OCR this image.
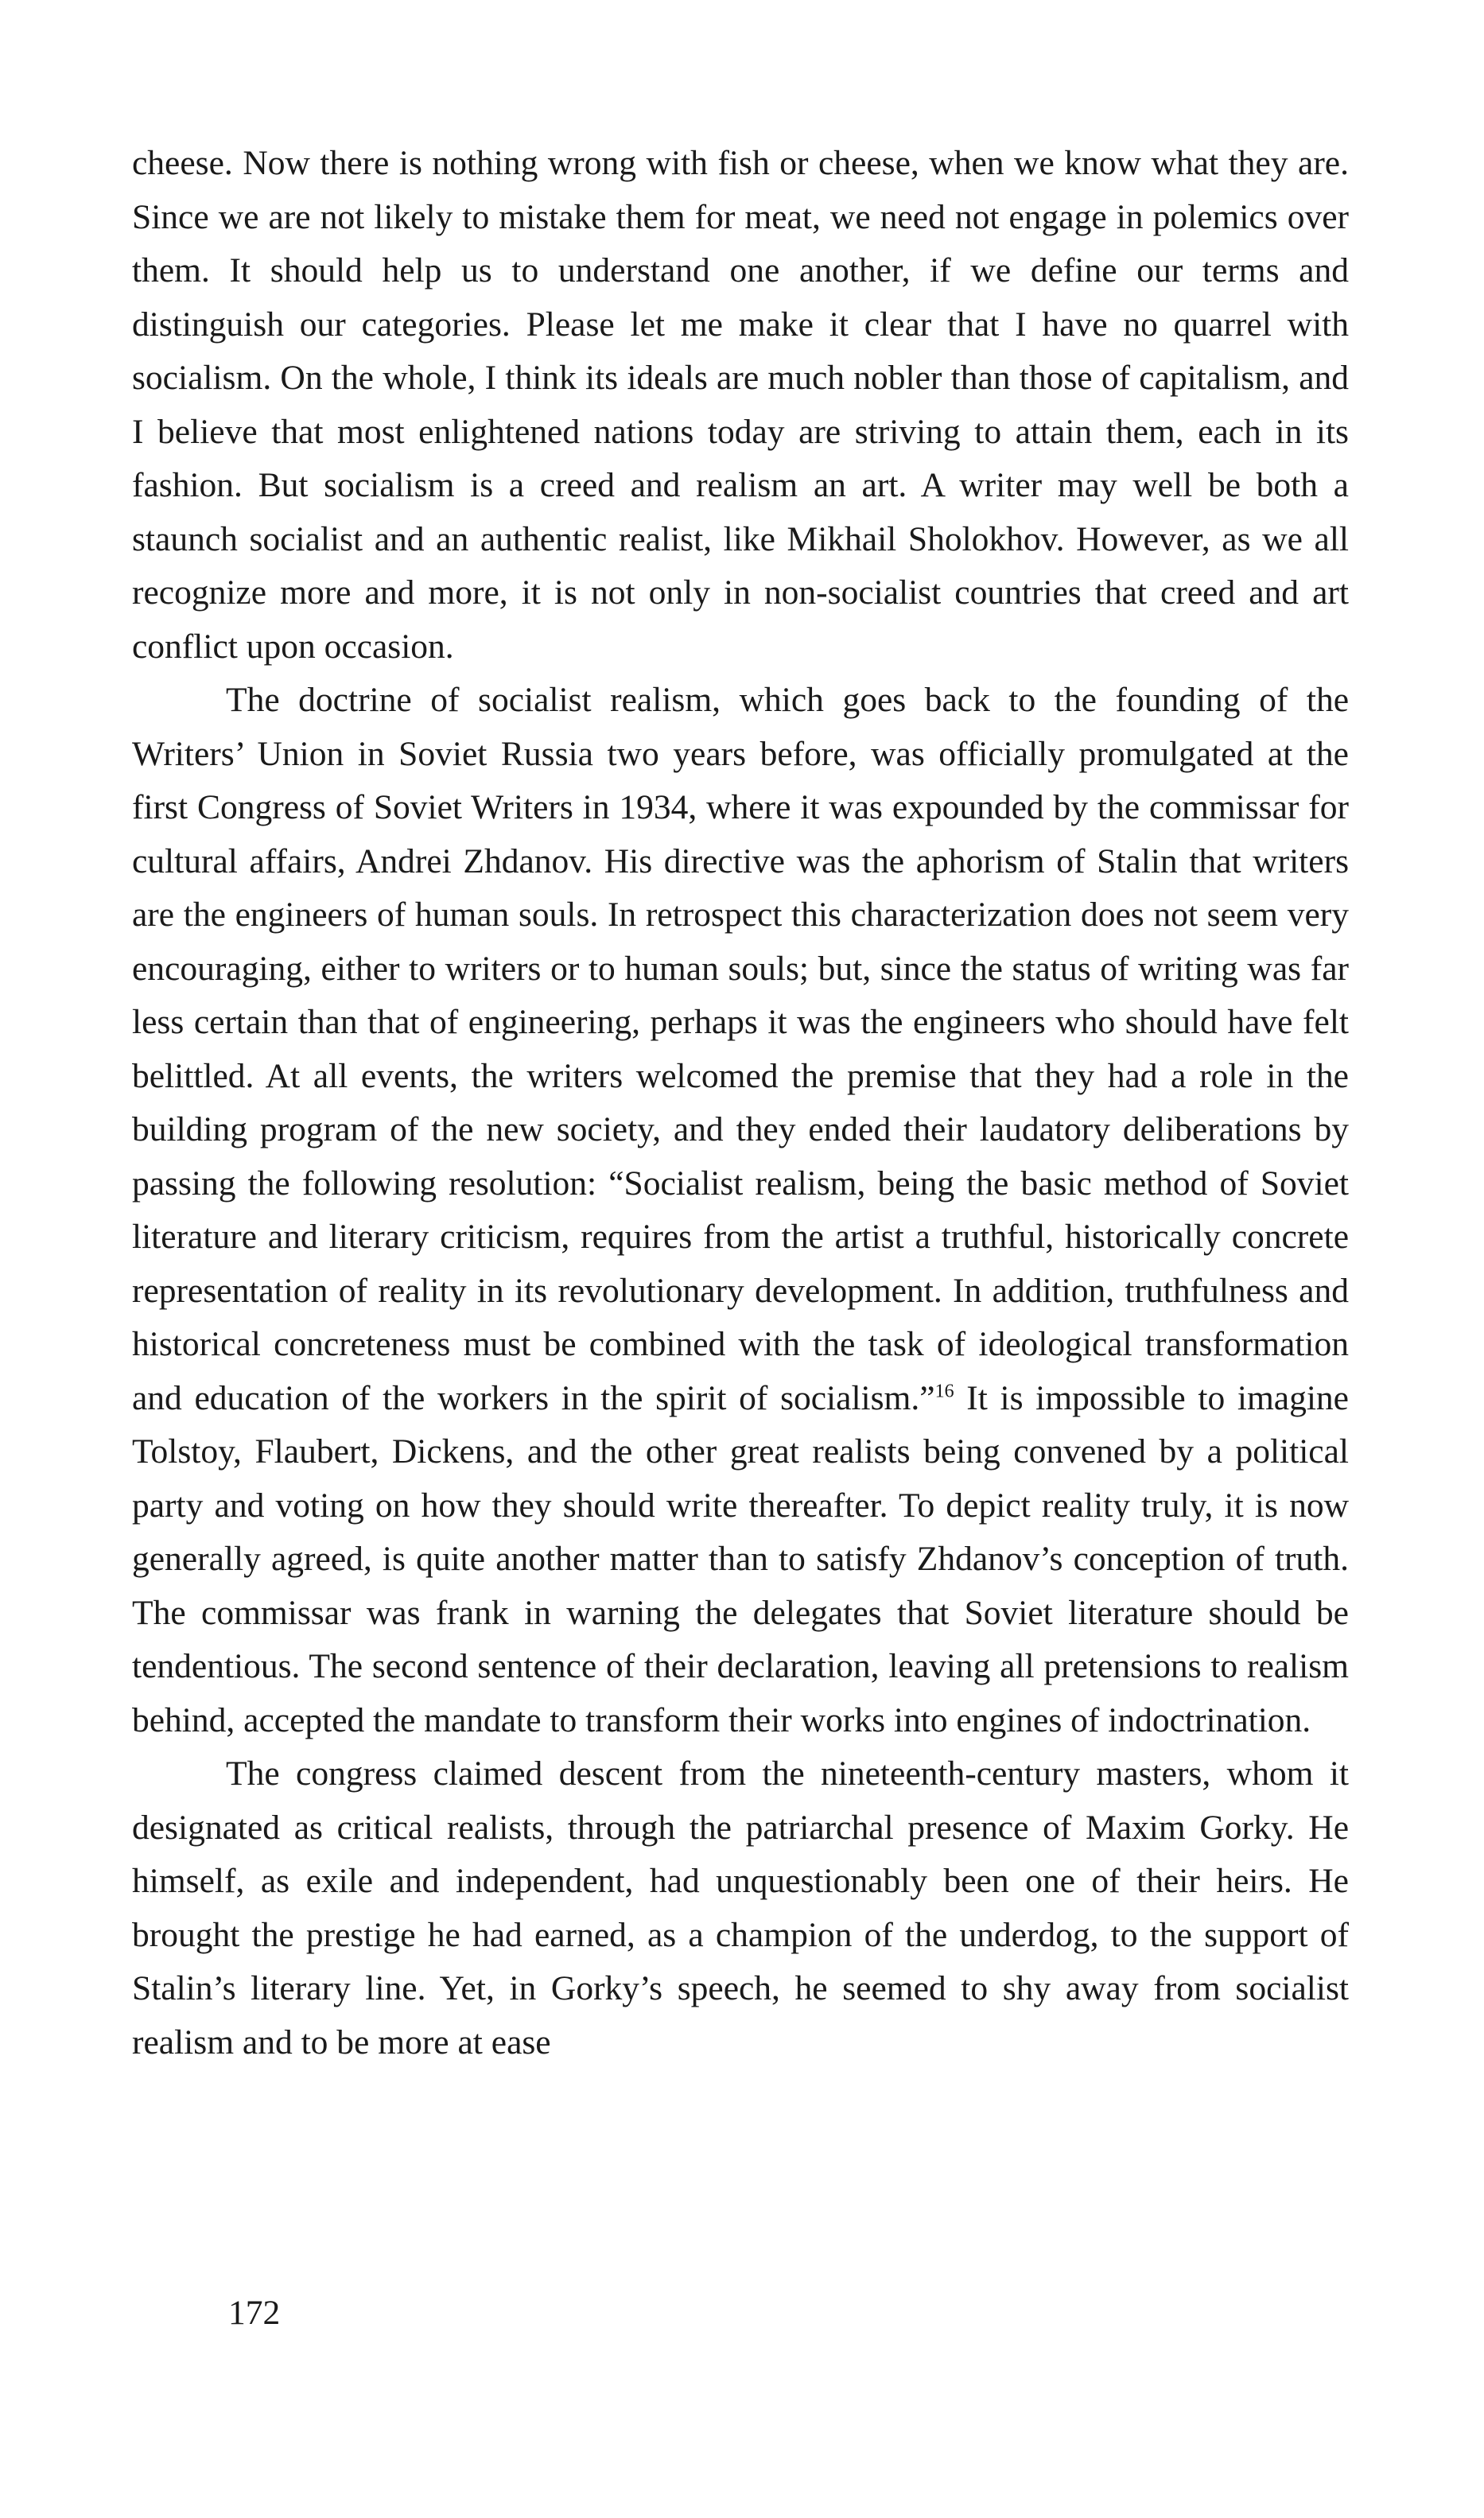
cheese. Now there is nothing wrong with fish or cheese, when we know what they are. Since we are not likely to mistake them for meat, we need not engage in polemics over them. It should help us to understand one another, if we define our terms and distinguish our categories. Please let me make it clear that I have no quarrel with socialism. On the whole, I think its ideals are much nobler than those of capitalism, and I believe that most enlightened nations today are striving to attain them, each in its fashion. But socialism is a creed and realism an art. A writer may well be both a staunch socialist and an authentic realist, like Mikhail Sholokhov. However, as we all recognize more and more, it is not only in non-socialist countries that creed and art conflict upon occasion.

The doctrine of socialist realism, which goes back to the founding of the Writers’ Union in Soviet Russia two years before, was officially promulgated at the first Congress of Soviet Writers in 1934, where it was expounded by the commissar for cultural affairs, Andrei Zhdanov. His directive was the aphorism of Stalin that writers are the engineers of human souls. In retrospect this characterization does not seem very encouraging, either to writers or to human souls; but, since the status of writing was far less certain than that of engineering, perhaps it was the engineers who should have felt belittled. At all events, the writers welcomed the premise that they had a role in the building program of the new society, and they ended their laudatory deliberations by passing the following resolution: “Socialist realism, being the basic method of Soviet literature and literary criticism, requires from the artist a truthful, historically concrete representation of reality in its revolutionary development. In addition, truthfulness and historical concreteness must be combined with the task of ideological transformation and education of the workers in the spirit of socialism.”$^{16}$ It is impossible to imagine Tolstoy, Flaubert, Dickens, and the other great realists being convened by a political party and voting on how they should write thereafter. To depict reality truly, it is now generally agreed, is quite another matter than to satisfy Zhdanov’s conception of truth. The commissar was frank in warning the delegates that Soviet literature should be tendentious. The second sentence of their declaration, leaving all pretensions to realism behind, accepted the mandate to transform their works into engines of indoctrination.

The congress claimed descent from the nineteenth-century masters, whom it designated as critical realists, through the patriarchal presence of Maxim Gorky. He himself, as exile and independent, had unquestionably been one of their heirs. He brought the prestige he had earned, as a champion of the underdog, to the support of Stalin’s literary line. Yet, in Gorky’s speech, he seemed to shy away from socialist realism and to be more at ease

172
